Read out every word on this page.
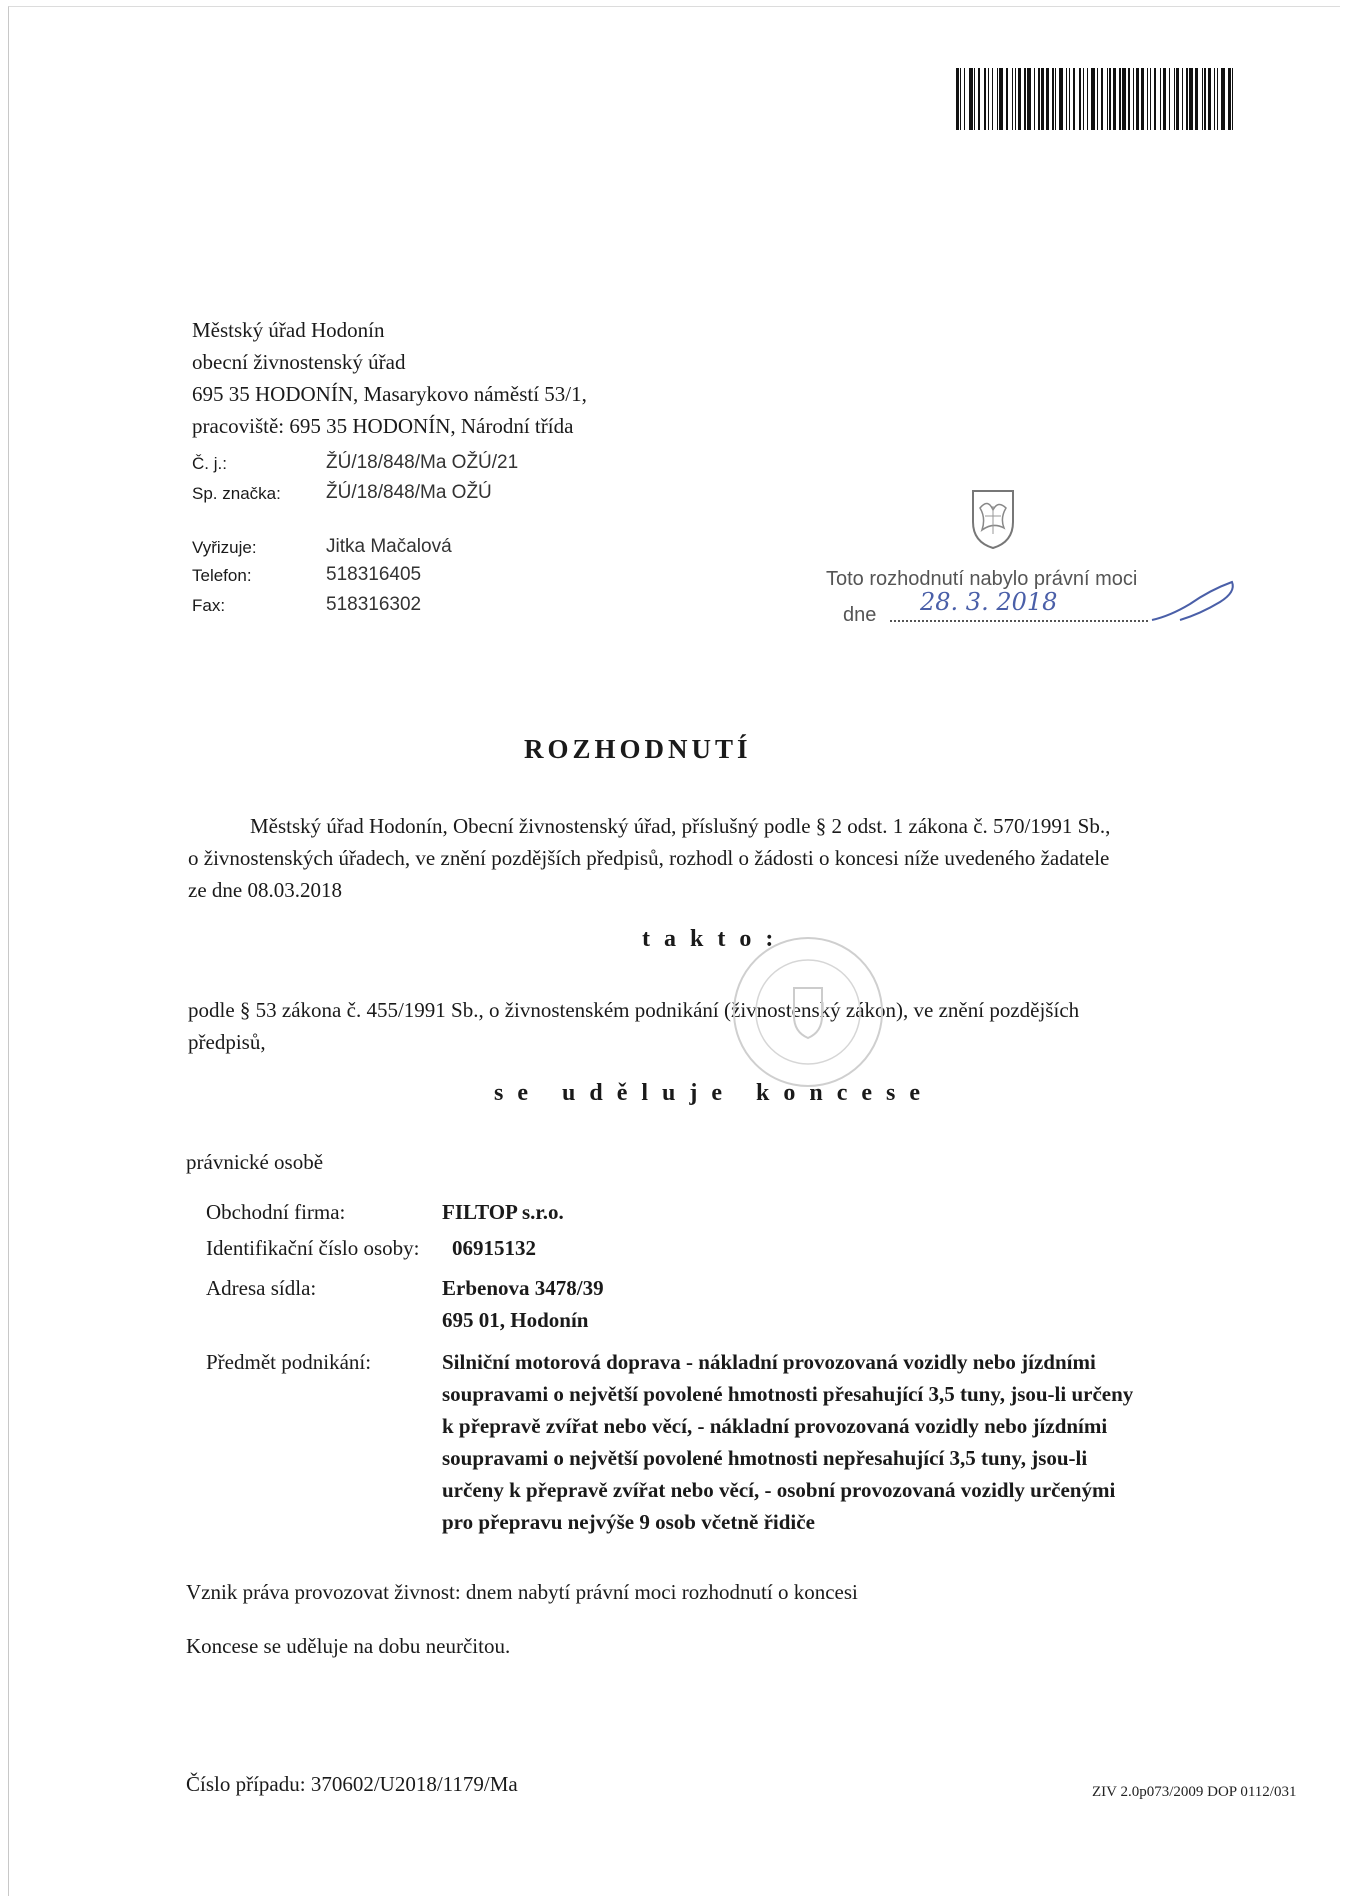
Městský úřad Hodonín
obecní živnostenský úřad
695 35 HODONÍN, Masarykovo náměstí 53/1,
pracoviště: 695 35 HODONÍN, Národní třída
Č. j.:	ŽÚ/18/848/Ma OŽÚ/21
Sp. značka: ŽÚ/18/848/Ma OŽÚ
Vyřizuje:	Jitka Mačalová
Telefon:	518316405
Fax:	518316302
Toto rozhodnutí nabylo právní moci
dne 28. 3. 2018
ROZHODNUTÍ
Městský úřad Hodonín, Obecní živnostenský úřad, příslušný podle § 2 odst. 1 zákona č. 570/1991 Sb.,
o živnostenských úřadech, ve znění pozdějších předpisů, rozhodl o žádosti o koncesi níže uvedeného žadatele
ze dne 08.03.2018
takto:
podle § 53 zákona č. 455/1991 Sb., o živnostenském podnikání (živnostenský zákon), ve znění pozdějších
předpisů,
se uděluje koncese
právnické osobě
Obchodní firma:	FILTOP s.r.o.
Identifikační číslo osoby: 06915132
Adresa sídla:	Erbenova 3478/39
695 01, Hodonín
Předmět podnikání:	Silniční motorová doprava - nákladní provozovaná vozidly nebo jízdními
soupravami o největší povolené hmotnosti přesahující 3,5 tuny, jsou-li určeny
k přepravě zvířat nebo věcí, - nákladní provozovaná vozidly nebo jízdními
soupravami o největší povolené hmotnosti nepřesahující 3,5 tuny, jsou-li
určeny k přepravě zvířat nebo věcí, - osobní provozovaná vozidly určenými
pro přepravu nejvýše 9 osob včetně řidiče
Vznik práva provozovat živnost: dnem nabytí právní moci rozhodnutí o koncesi
Koncese se uděluje na dobu neurčitou.
Číslo případu: 370602/U2018/1179/Ma	ZIV 2.0p073/2009 DOP 0112/031
